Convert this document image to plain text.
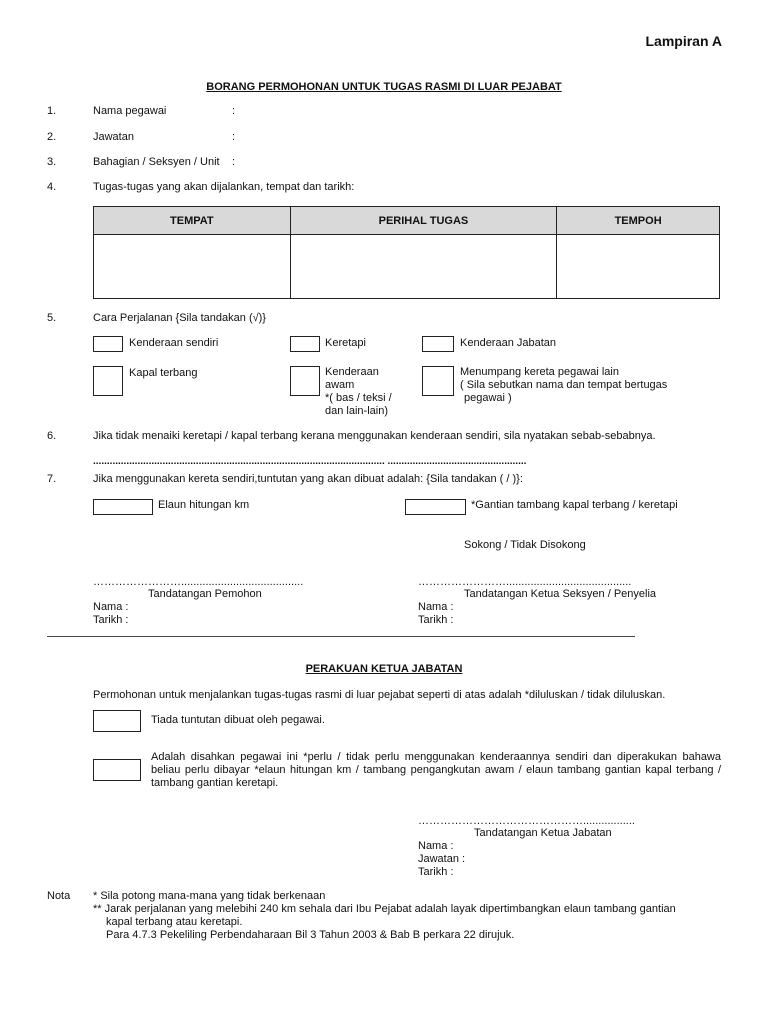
Lampiran A
BORANG PERMOHONAN UNTUK TUGAS RASMI DI LUAR PEJABAT
1.	Nama pegawai	:
2.	Jawatan	:
3.	Bahagian / Seksyen / Unit :
4.	Tugas-tugas yang akan dijalankan, tempat dan tarikh:
TEMPAT	PERIHAL TUGAS	TEMPOH

5.	Cara Perjalanan {Sila tandakan (√)}
Kenderaan sendiri	Keretapi	Kenderaan Jabatan
Kapal terbang	Kenderaan
awam
*( bas / teksi /
dan lain-lain)
Menumpang kereta pegawai lain
( Sila sebutkan nama dan tempat bertugas
pegawai )
6.	Jika tidak menaiki keretapi / kapal terbang kerana menggunakan kenderaan sendiri, sila nyatakan sebab-sebabnya.
......................................................................................................... ..................................................
7.	Jika menggunakan kereta sendiri,tuntutan yang akan dibuat adalah: {Sila tandakan ( / )}:
Elaun hitungan km	*Gantian tambang kapal terbang / keretapi
Sokong / Tidak Disokong
……………………........................................
Tandatangan Pemohon
Nama :
Tarikh :
…………………….........................................
Tandatangan Ketua Seksyen / Penyelia
Nama :
Tarikh :
PERAKUAN KETUA JABATAN
Permohonan untuk menjalankan tugas-tugas rasmi di luar pejabat seperti di atas adalah *diluluskan / tidak diluluskan.
Tiada tuntutan dibuat oleh pegawai.
Adalah disahkan pegawai ini *perlu / tidak perlu menggunakan kenderaannya sendiri dan diperakukan bahawa beliau perlu dibayar *elaun hitungan km / tambang pengangkutan awam / elaun tambang gantian kapal terbang / tambang gantian keretapi.
……………………………………….................
Tandatangan Ketua Jabatan
Nama :
Jawatan :
Tarikh :
Nota * Sila potong mana-mana yang tidak berkenaan
** Jarak perjalanan yang melebihi 240 km sehala dari Ibu Pejabat adalah layak dipertimbangkan elaun tambang gantian
kapal terbang atau keretapi.
Para 4.7.3 Pekeliling Perbendaharaan Bil 3 Tahun 2003 & Bab B perkara 22 dirujuk.
